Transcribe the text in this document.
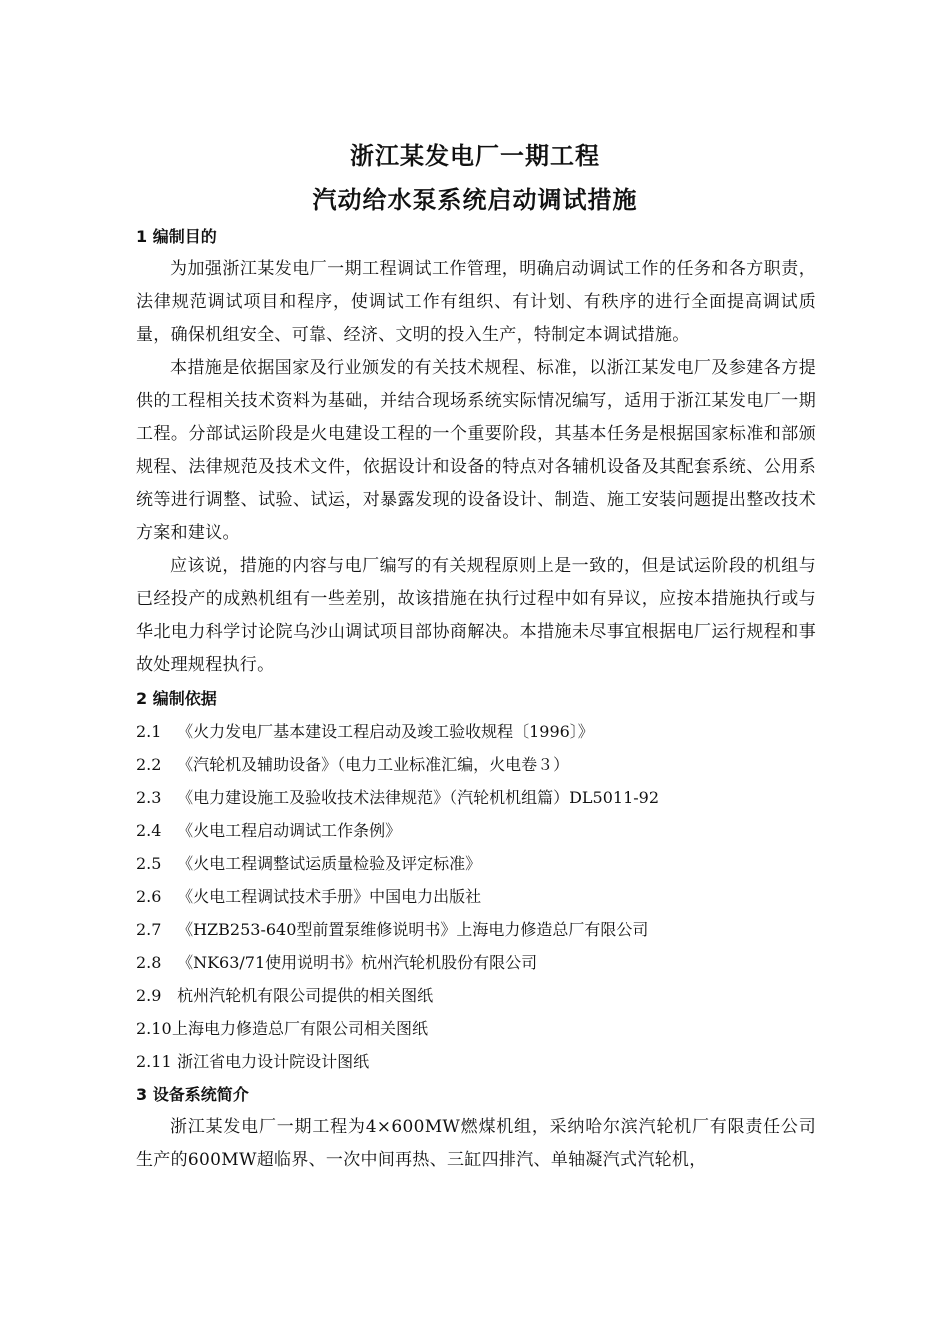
浙江某发电厂一期工程
汽动给水泵系统启动调试措施

1 编制目的

为加强浙江某发电厂一期工程调试工作管理，明确启动调试工作的任务和各方职责，法律规范调试项目和程序，使调试工作有组织、有计划、有秩序的进行全面提高调试质量，确保机组安全、可靠、经济、文明的投入生产，特制定本调试措施。

本措施是依据国家及行业颁发的有关技术规程、标准，以浙江某发电厂及参建各方提供的工程相关技术资料为基础，并结合现场系统实际情况编写，适用于浙江某发电厂一期工程。分部试运阶段是火电建设工程的一个重要阶段，其基本任务是根据国家标准和部颁规程、法律规范及技术文件，依据设计和设备的特点对各辅机设备及其配套系统、公用系统等进行调整、试验、试运，对暴露发现的设备设计、制造、施工安装问题提出整改技术方案和建议。

应该说，措施的内容与电厂编写的有关规程原则上是一致的，但是试运阶段的机组与已经投产的成熟机组有一些差别，故该措施在执行过程中如有异议，应按本措施执行或与华北电力科学讨论院乌沙山调试项目部协商解决。本措施未尽事宜根据电厂运行规程和事故处理规程执行。

2 编制依据

2.1 《火力发电厂基本建设工程启动及竣工验收规程〔1996〕》
2.2 《汽轮机及辅助设备》（电力工业标准汇编，火电卷３）
2.3 《电力建设施工及验收技术法律规范》（汽轮机机组篇）DL5011-92
2.4 《火电工程启动调试工作条例》
2.5 《火电工程调整试运质量检验及评定标准》
2.6 《火电工程调试技术手册》中国电力出版社
2.7 《HZB253-640型前置泵维修说明书》上海电力修造总厂有限公司
2.8 《NK63/71使用说明书》杭州汽轮机股份有限公司
2.9 杭州汽轮机有限公司提供的相关图纸
2.10上海电力修造总厂有限公司相关图纸
2.11 浙江省电力设计院设计图纸

3 设备系统简介

浙江某发电厂一期工程为4×600MW燃煤机组，采纳哈尔滨汽轮机厂有限责任公司生产的600MW超临界、一次中间再热、三缸四排汽、单轴凝汽式汽轮机，
